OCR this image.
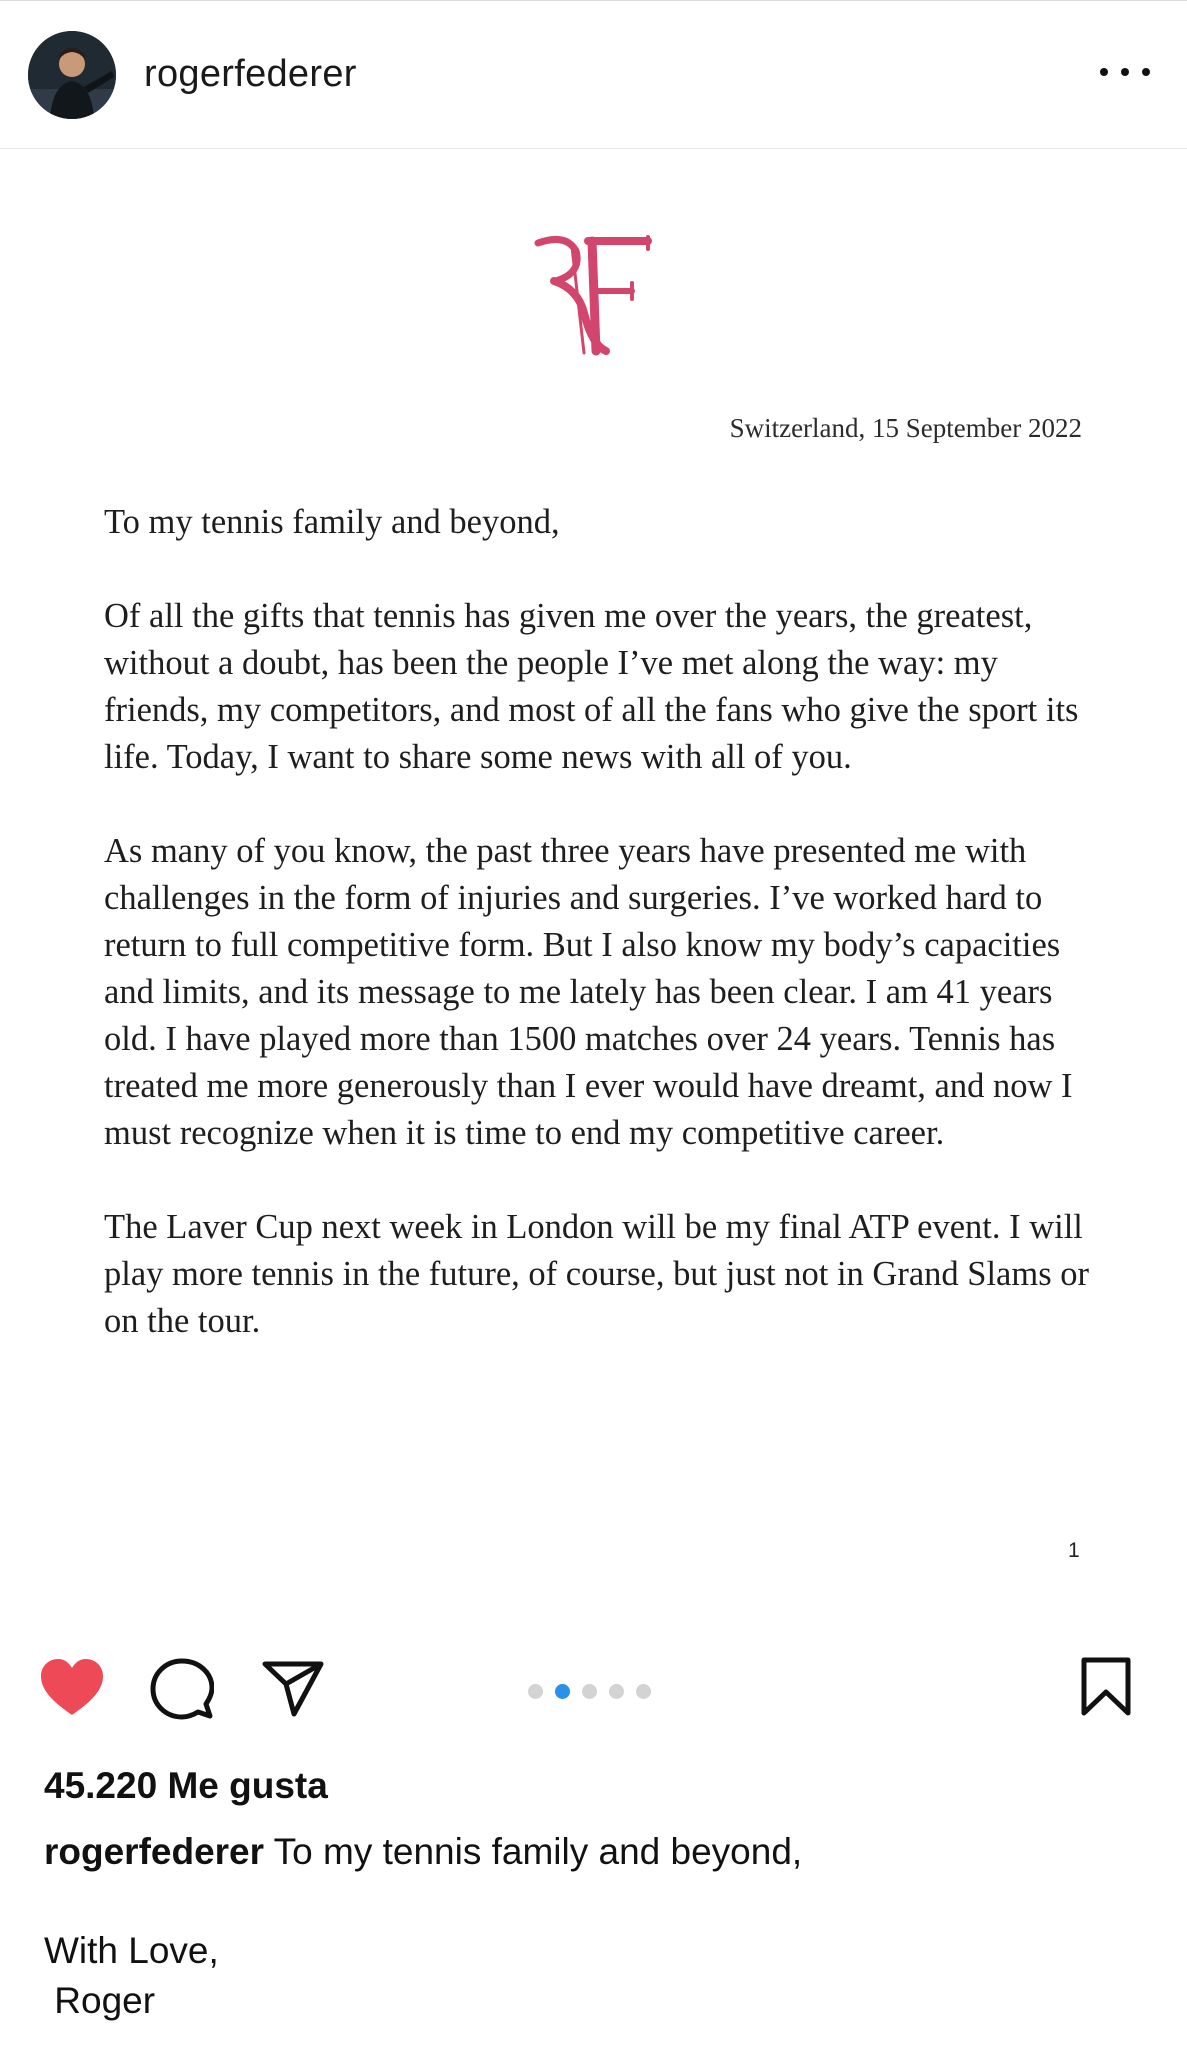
rogerfederer
Switzerland, 15 September 2022

To my tennis family and beyond,

Of all the gifts that tennis has given me over the years, the greatest, without a doubt, has been the people I’ve met along the way: my friends, my competitors, and most of all the fans who give the sport its life. Today, I want to share some news with all of you.

As many of you know, the past three years have presented me with challenges in the form of injuries and surgeries. I’ve worked hard to return to full competitive form. But I also know my body’s capacities and limits, and its message to me lately has been clear. I am 41 years old. I have played more than 1500 matches over 24 years. Tennis has treated me more generously than I ever would have dreamt, and now I must recognize when it is time to end my competitive career.

The Laver Cup next week in London will be my final ATP event. I will play more tennis in the future, of course, but just not in Grand Slams or on the tour.

1
45.220 Me gusta
rogerfederer To my tennis family and beyond,
With Love,
Roger
